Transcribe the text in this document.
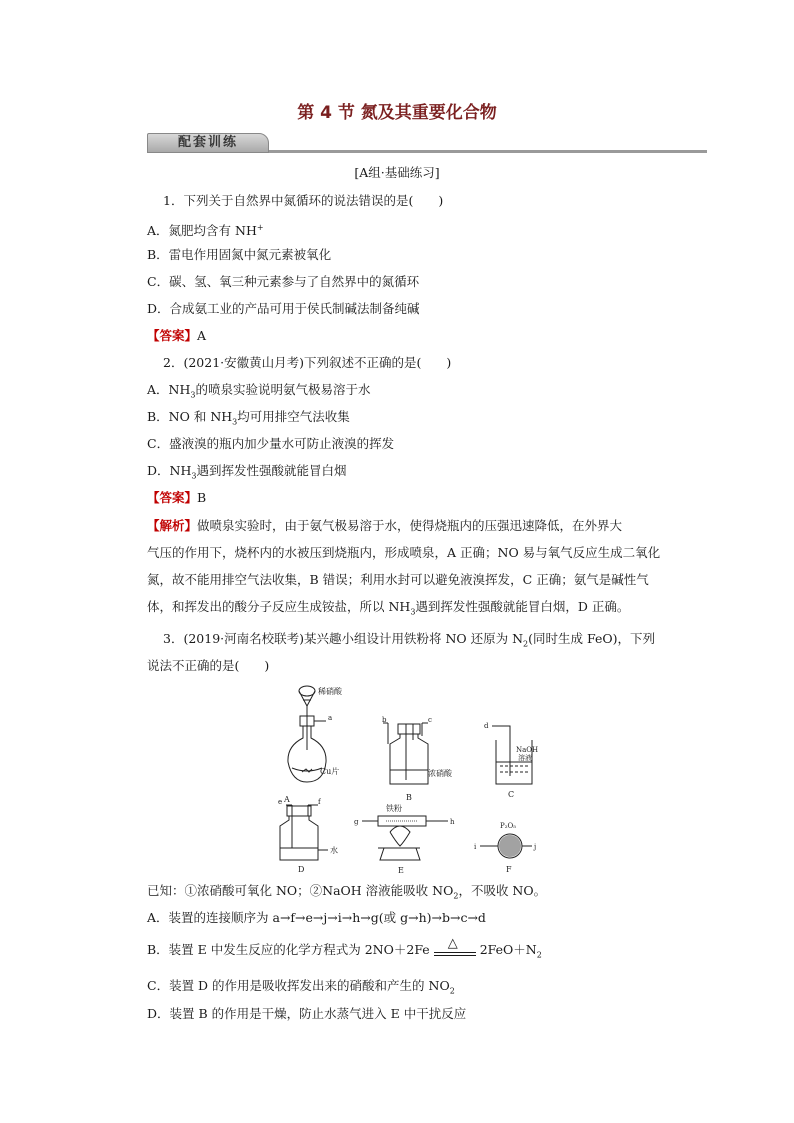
第 4 节 氮及其重要化合物
配套训练
[A组·基础练习]
1．下列关于自然界中氮循环的说法错误的是(　　)
A．氮肥均含有 NH+
B．雷电作用固氮中氮元素被氧化
C．碳、氢、氧三种元素参与了自然界中的氮循环
D．合成氨工业的产品可用于侯氏制碱法制备纯碱
【答案】A
2．(2021·安徽黄山月考)下列叙述不正确的是(　　)
A．$NH_3$的喷泉实验说明氨气极易溶于水
B．NO 和 $NH_3$均可用排空气法收集
C．盛液溴的瓶内加少量水可防止液溴的挥发
D．$NH_3$遇到挥发性强酸就能冒白烟
【答案】B

【解析】做喷泉实验时，由于氨气极易溶于水，使得烧瓶内的压强迅速降低，在外界大

气压的作用下，烧杯内的水被压到烧瓶内，形成喷泉，A 正确；NO 易与氧气反应生成二氧化

氮，故不能用排空气法收集，B 错误；利用水封可以避免液溴挥发，C 正确；氨气是碱性气

体，和挥发出的酸分子反应生成铵盐，所以 $NH_3$遇到挥发性强酸就能冒白烟，D 正确。

3．(2019·河南名校联考)某兴趣小组设计用铁粉将 NO 还原为 $N_2$(同时生成 FeO)，下列
说法不正确的是(　　)
A
a
稀硝酸
Cu片
b	c
浓硝酸
B
d
NaOH
溶液
C
e	f
水
D
g	h
铁粉
E
i	j
P₂O₅
F
已知：①浓硝酸可氧化 NO；②NaOH 溶液能吸收 $NO_2$，不吸收 NO。
A．装置的连接顺序为 a→f→e→j→i→h→g(或 g→h)→b→c→d
B．装置 E 中发生反应的化学方程式为 2NO＋2Fe △ $2FeO+N_2$
C．装置 D 的作用是吸收挥发出来的硝酸和产生的 $NO_2$
D．装置 B 的作用是干燥，防止水蒸气进入 E 中干扰反应
